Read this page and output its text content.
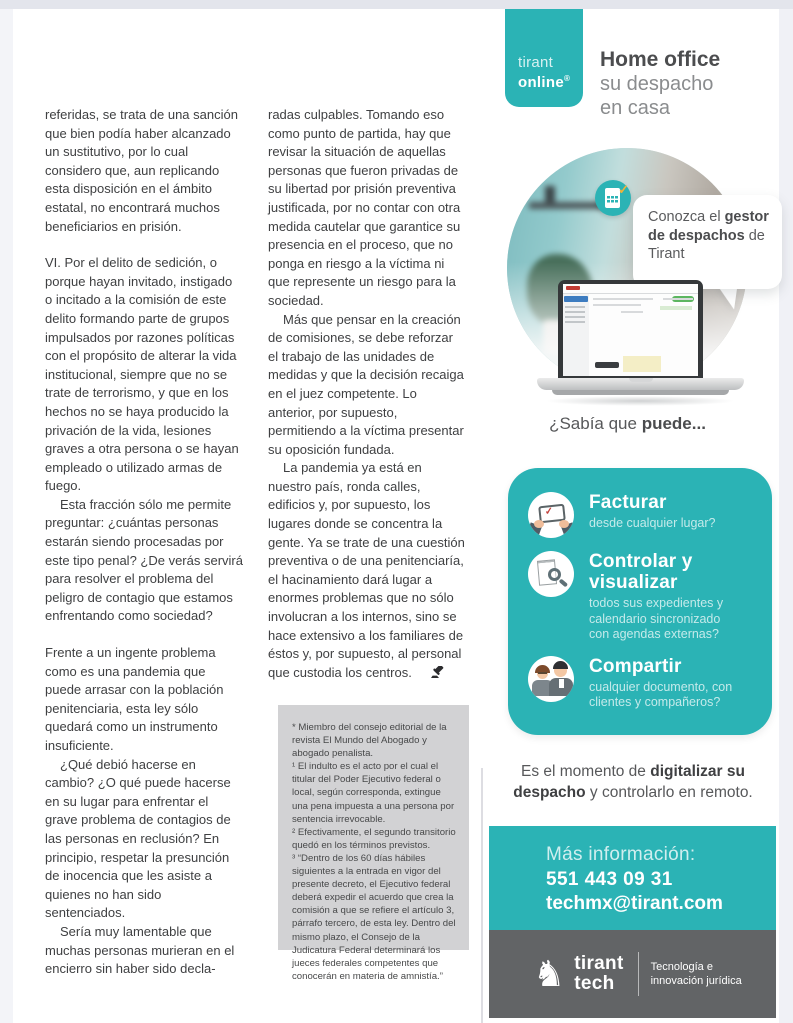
referidas, se trata de una sanción que bien podía haber alcanzado un sustitutivo, por lo cual considero que, aun replicando esta disposición en el ámbito estatal, no encontrará muchos beneficiarios en prisión.

VI. Por el delito de sedición, o porque hayan invitado, instigado o incitado a la comisión de este delito formando parte de grupos impulsados por razones políticas con el propósito de alterar la vida institucional, siempre que no se trate de terrorismo, y que en los hechos no se haya producido la privación de la vida, lesiones graves a otra persona o se hayan empleado o utilizado armas de fuego.

Esta fracción sólo me permite preguntar: ¿cuántas personas estarán siendo procesadas por este tipo penal? ¿De verás servirá para resolver el problema del peligro de contagio que estamos enfrentando como sociedad?

Frente a un ingente problema como es una pandemia que puede arrasar con la población penitenciaria, esta ley sólo quedará como un instrumento insuficiente.

¿Qué debió hacerse en cambio? ¿O qué puede hacerse en su lugar para enfrentar el grave problema de contagios de las personas en reclusión? En principio, respetar la presunción de inocencia que les asiste a quienes no han sido sentenciados.

Sería muy lamentable que muchas personas murieran en el encierro sin haber sido decla-

radas culpables. Tomando eso como punto de partida, hay que revisar la situación de aquellas personas que fueron privadas de su libertad por prisión preventiva justificada, por no contar con otra medida cautelar que garantice su presencia en el proceso, que no ponga en riesgo a la víctima ni que represente un riesgo para la sociedad.

Más que pensar en la creación de comisiones, se debe reforzar el trabajo de las unidades de medidas y que la decisión recaiga en el juez competente. Lo anterior, por supuesto, permitiendo a la víctima presentar su oposición fundada.

La pandemia ya está en nuestro país, ronda calles, edificios y, por supuesto, los lugares donde se concentra la gente. Ya se trate de una cuestión preventiva o de una penitenciaría, el hacinamiento dará lugar a enormes problemas que no sólo involucran a los internos, sino se hace extensivo a los familiares de éstos y, por supuesto, al personal que custodia los centros.

* Miembro del consejo editorial de la revista El Mundo del Abogado y abogado penalista.

¹ El indulto es el acto por el cual el titular del Poder Ejecutivo federal o local, según corresponda, extingue una pena impuesta a una persona por sentencia irrevocable.

² Efectivamente, el segundo transitorio quedó en los términos previstos.

³ “Dentro de los 60 días hábiles siguientes a la entrada en vigor del presente decreto, el Ejecutivo federal deberá expedir el acuerdo que crea la comisión a que se refiere el artículo 3, párrafo tercero, de esta ley. Dentro del mismo plazo, el Consejo de la Judicatura Federal determinará los jueces federales competentes que conocerán en materia de amnistía.”

tirant
online®
Home office
su despacho
en casa
Conozca el gestor de despachos de Tirant
✓
¿Sabía que puede...
✓ Facturar
desde cualquier lugar?
Controlar y visualizar
todos sus expedientes y calendario sincronizado con agendas externas?
Compartir
cualquier documento, con clientes y compañeros?
Es el momento de digitalizar su despacho y controlarlo en remoto.
Más información:
551 443 09 31
techmx@tirant.com
♞ tirant
tech
Tecnología e
innovación jurídica
